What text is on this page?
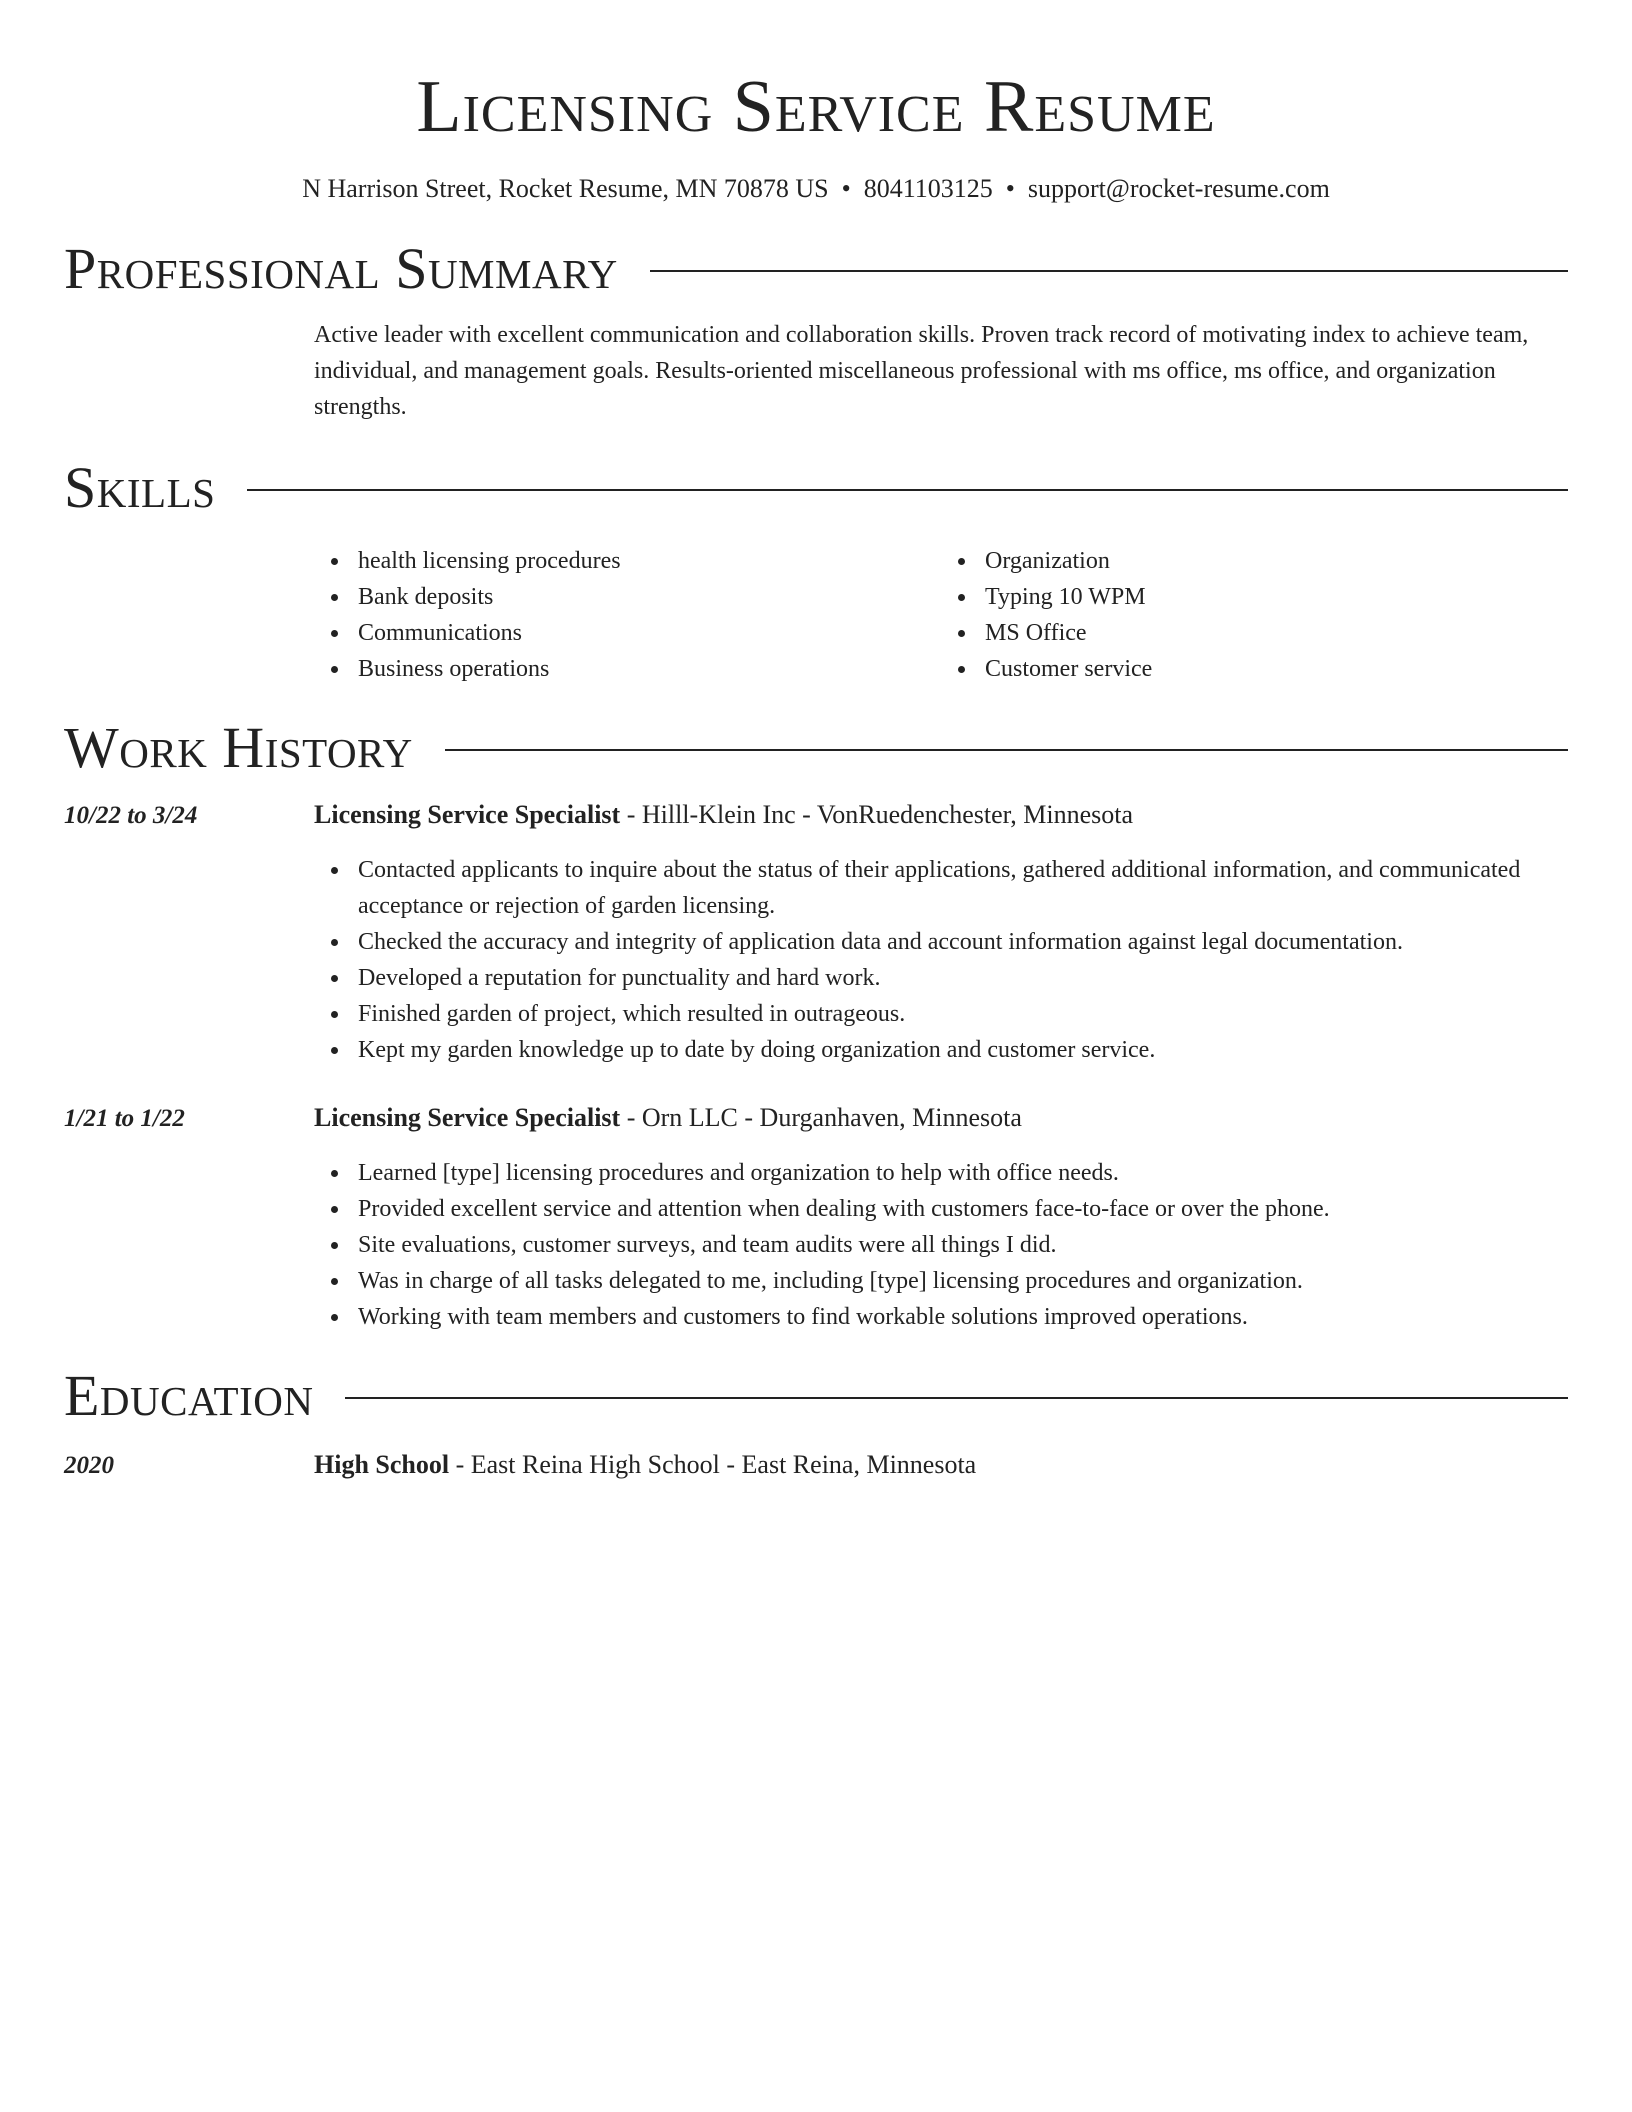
Licensing Service Resume
N Harrison Street, Rocket Resume, MN 70878 US • 8041103125 • support@rocket-resume.com
Professional Summary

Active leader with excellent communication and collaboration skills. Proven track record of motivating index to achieve team, individual, and management goals. Results-oriented miscellaneous professional with ms office, ms office, and organization strengths.

Skills
health licensing procedures
Bank deposits
Communications
Business operations
Organization
Typing 10 WPM
MS Office
Customer service
Work History
10/22 to 3/24	Licensing Service Specialist - Hilll-Klein Inc - VonRuedenchester, Minnesota
Contacted applicants to inquire about the status of their applications, gathered additional information, and communicated acceptance or rejection of garden licensing.
Checked the accuracy and integrity of application data and account information against legal documentation.
Developed a reputation for punctuality and hard work.
Finished garden of project, which resulted in outrageous.
Kept my garden knowledge up to date by doing organization and customer service.
1/21 to 1/22	Licensing Service Specialist - Orn LLC - Durganhaven, Minnesota
Learned [type] licensing procedures and organization to help with office needs.
Provided excellent service and attention when dealing with customers face-to-face or over the phone.
Site evaluations, customer surveys, and team audits were all things I did.
Was in charge of all tasks delegated to me, including [type] licensing procedures and organization.
Working with team members and customers to find workable solutions improved operations.
Education
2020	High School - East Reina High School - East Reina, Minnesota
